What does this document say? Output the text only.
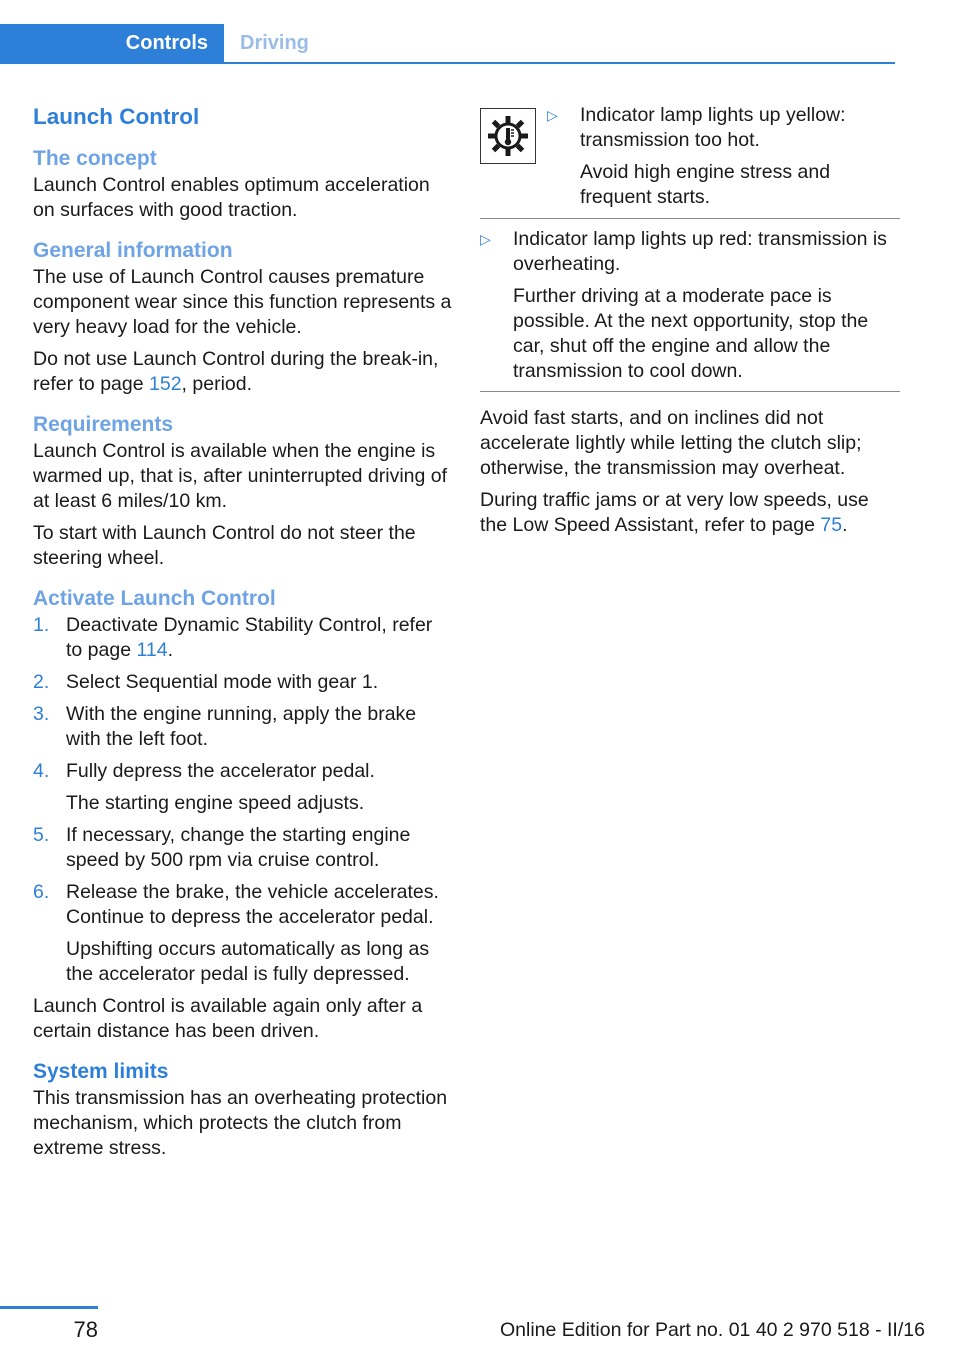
Controls	Driving
Launch Control
The concept

Launch Control enables optimum acceleration on surfaces with good traction.

General information

The use of Launch Control causes premature component wear since this function represents a very heavy load for the vehicle.

Do not use Launch Control during the break-in, refer to page 152, period.

Requirements

Launch Control is available when the engine is warmed up, that is, after uninterrupted driving of at least 6 miles/10 km.

To start with Launch Control do not steer the steering wheel.

Activate Launch Control
1. Deactivate Dynamic Stability Control, refer to page 114.

2. Select Sequential mode with gear 1.

3. With the engine running, apply the brake with the left foot.

4. Fully depress the accelerator pedal.

The starting engine speed adjusts.

5. If necessary, change the starting engine speed by 500 rpm via cruise control.

6. Release the brake, the vehicle accelerates. Continue to depress the accelerator pedal.

Upshifting occurs automatically as long as the accelerator pedal is fully depressed.

Launch Control is available again only after a certain distance has been driven.

System limits

This transmission has an overheating protection mechanism, which protects the clutch from extreme stress.

▷ Indicator lamp lights up yellow: transmission too hot.

Avoid high engine stress and frequent starts.

▷ Indicator lamp lights up red: transmission is overheating.

Further driving at a moderate pace is possible. At the next opportunity, stop the car, shut off the engine and allow the transmission to cool down.

Avoid fast starts, and on inclines did not accelerate lightly while letting the clutch slip; otherwise, the transmission may overheat.

During traffic jams or at very low speeds, use the Low Speed Assistant, refer to page 75.

78	Online Edition for Part no. 01 40 2 970 518 - II/16
